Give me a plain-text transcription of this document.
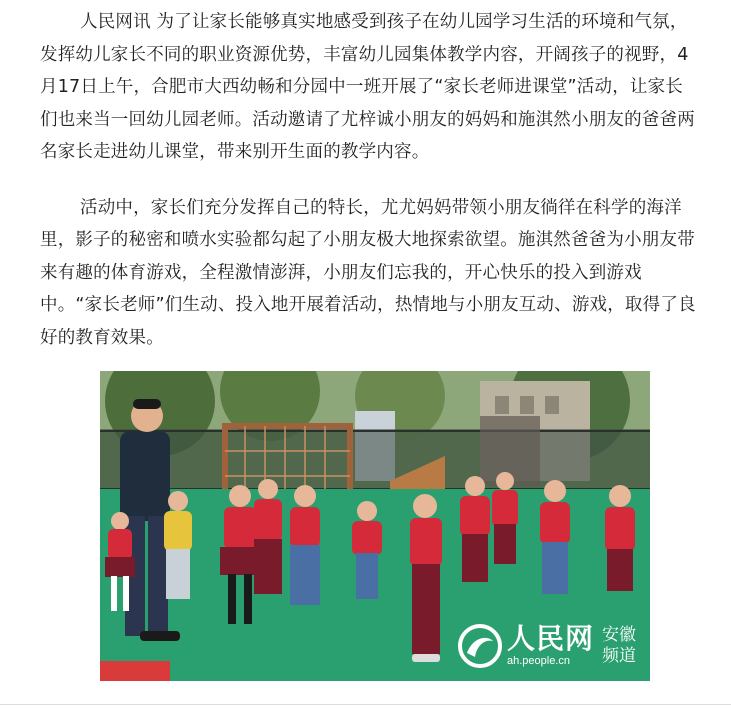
人民网讯 为了让家长能够真实地感受到孩子在幼儿园学习生活的环境和气氛，发挥幼儿家长不同的职业资源优势，丰富幼儿园集体教学内容，开阔孩子的视野，4月17日上午，合肥市大西幼畅和分园中一班开展了“家长老师进课堂”活动，让家长们也来当一回幼儿园老师。活动邀请了尤梓诚小朋友的妈妈和施淇然小朋友的爸爸两名家长走进幼儿课堂，带来别开生面的教学内容。

活动中，家长们充分发挥自己的特长，尤尤妈妈带领小朋友徜徉在科学的海洋里，影子的秘密和喷水实验都勾起了小朋友极大地探索欲望。施淇然爸爸为小朋友带来有趣的体育游戏，全程激情澎湃，小朋友们忘我的，开心快乐的投入到游戏中。“家长老师”们生动、投入地开展着活动，热情地与小朋友互动、游戏，取得了良好的教育效果。

人民网
ah.people.cn
安徽
频道
